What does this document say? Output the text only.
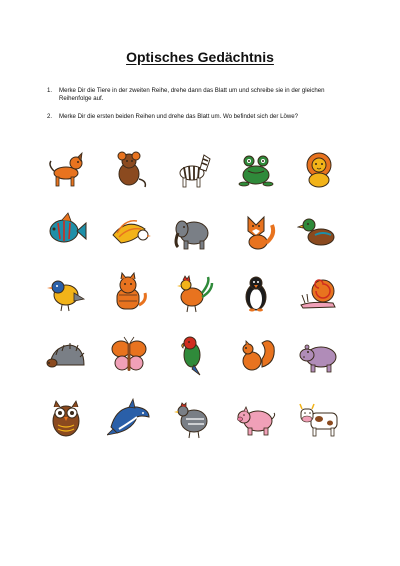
Optisches Gedächtnis
1. Merke Dir die Tiere in der zweiten Reihe, drehe dann das Blatt um und schreibe sie in der gleichen Reihenfolge auf.
2. Merke Dir die ersten beiden Reihen und drehe das Blatt um. Wo befindet sich der Löwe?
